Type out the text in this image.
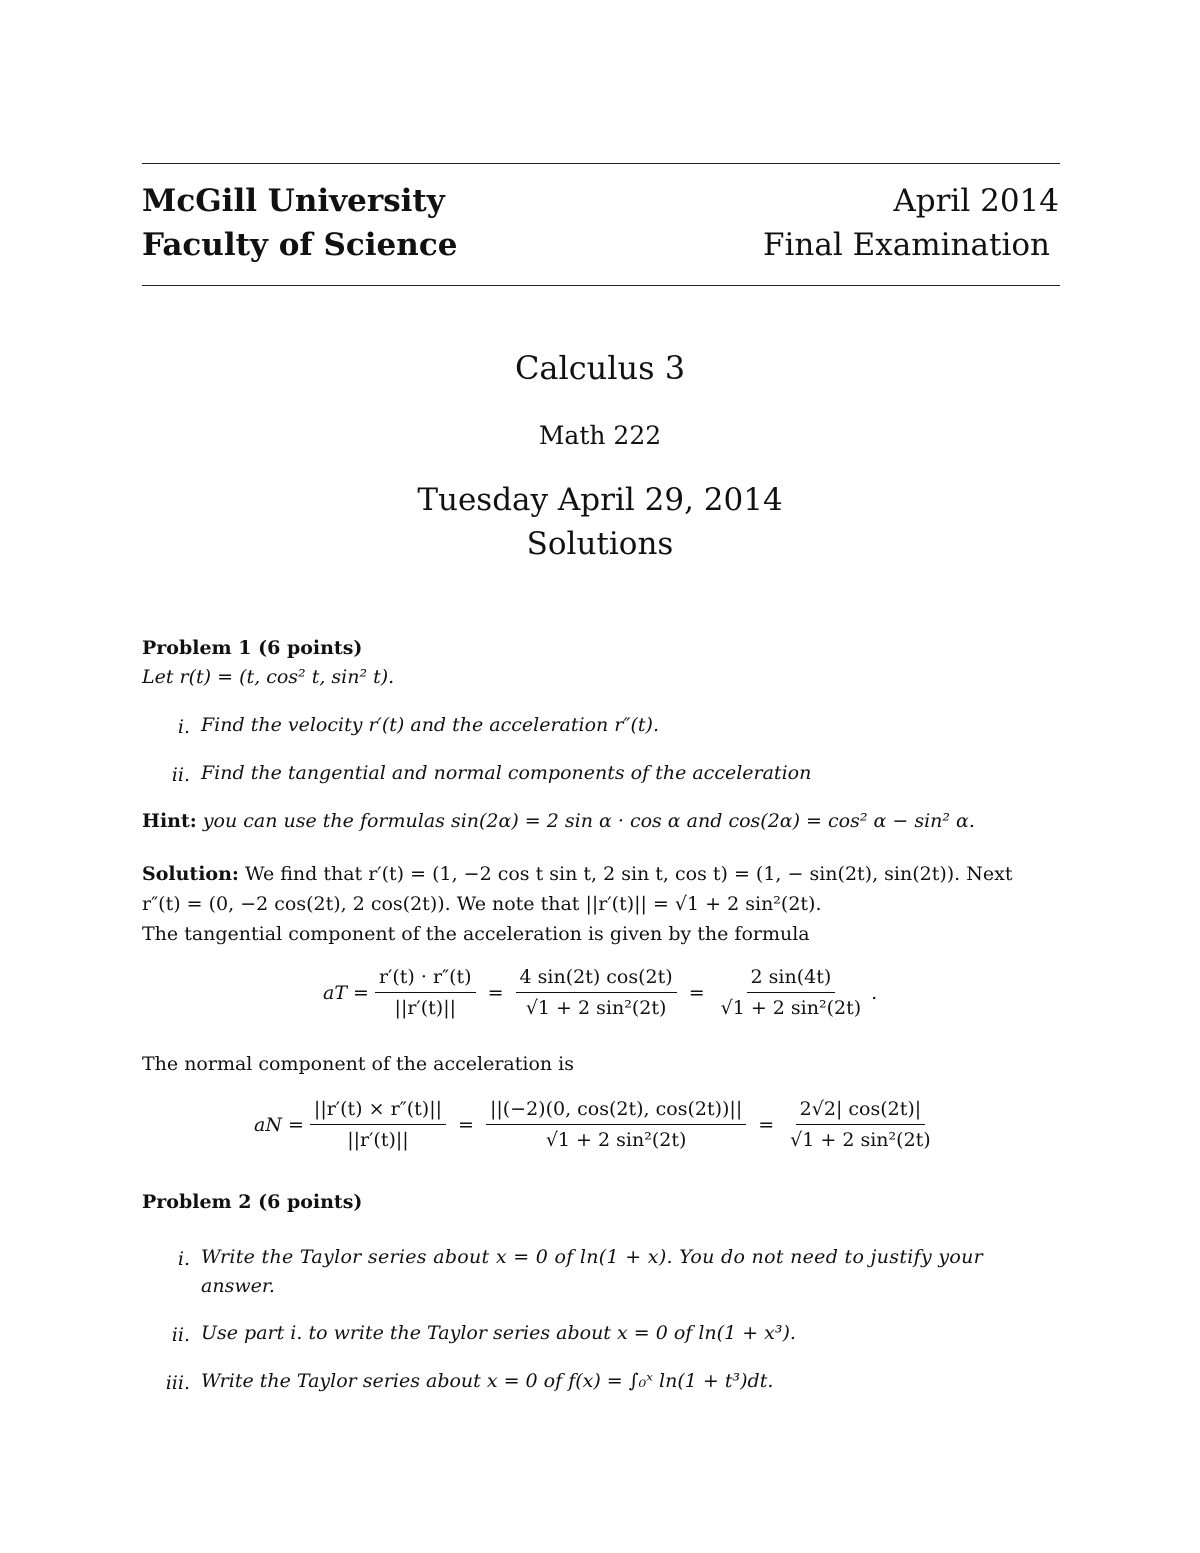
McGill University
Faculty of Science
April 2014
Final Examination
Calculus 3
Math 222
Tuesday April 29, 2014
Solutions
Problem 1 (6 points)
Let r(t) = (t, cos² t, sin² t).
i. Find the velocity r′(t) and the acceleration r″(t).
ii. Find the tangential and normal components of the acceleration
Hint: you can use the formulas sin(2α) = 2 sin α · cos α and cos(2α) = cos² α − sin² α.
Solution: We find that r′(t) = (1, −2 cos t sin t, 2 sin t, cos t) = (1, − sin(2t), sin(2t)). Next
r″(t) = (0, −2 cos(2t), 2 cos(2t)). We note that ||r′(t)|| = √1 + 2 sin²(2t).
The tangential component of the acceleration is given by the formula
aT = $\frac{r'(t) \cdot r''(t)}{||r'(t)||} = \frac{4 \sin(2t) \cos(2t)}{\text{√1 + 2 sin²(2t)}} = \frac{2 \sin(4t)}{\text{√1 + 2 sin²(2t)}}$ .
The normal component of the acceleration is
aN = $\frac{||r'(t) \times r''(t)||}{||r'(t)||} = \frac{||(-2)(0, \cos(2t), \cos(2t))||}{\text{√1 + 2 sin²(2t)}} = \frac{2√2| \cos(2t)|}{\text{√1 + 2 sin²(2t)}}$
Problem 2 (6 points)
i. Write the Taylor series about x = 0 of ln(1 + x). You do not need to justify your
answer.
ii. Use part i. to write the Taylor series about x = 0 of ln(1 + x³).
iii. Write the Taylor series about x = 0 of f(x) = ∫₀ˣ ln(1 + t³)dt.
